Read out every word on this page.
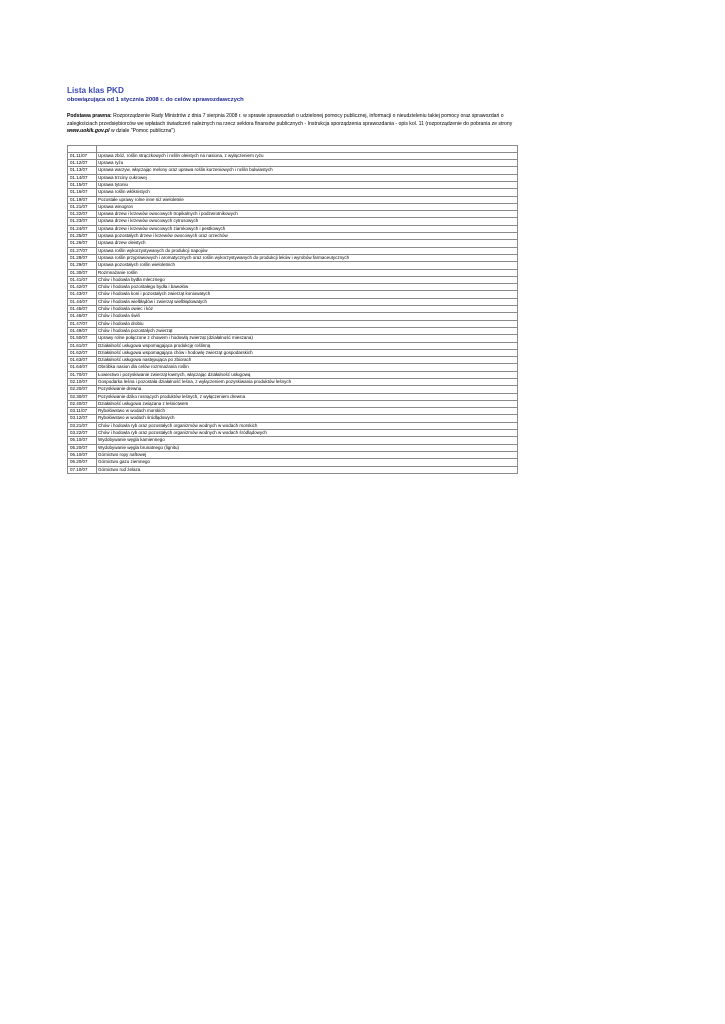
Lista klas PKD
obowiązująca od 1 stycznia 2008 r. do celów sprawozdawczych

Podstawa prawna: Rozporządzenie Rady Ministrów z dnia 7 sierpnia 2008 r. w sprawie sprawozdań o udzielonej pomocy publicznej, informacji o nieudzieleniu takiej pomocy oraz sprawozdań o zaległościach przedsiębiorców we wpłatach świadczeń należnych na rzecz sektora finansów publicznych - Instrukcja sporządzenia sprawozdania - opis kol. 11 (rozporządzenie do pobrania ze strony www.uokik.gov.pl w dziale "Pomoc publiczna")

01.11/07	Uprawa zbóż, roślin strączkowych i roślin oleistych na nasiona, z wyłączeniem ryżu
01.12/07	Uprawa ryżu
01.13/07	Uprawa warzyw, włączając melony oraz uprawa roślin korzeniowych i roślin bulwiastych
01.14/07	Uprawa trzciny cukrowej
01.15/07	Uprawa tytoniu
01.16/07	Uprawa roślin włóknistych
01.19/07	Pozostałe uprawy rolne inne niż wieloletnie
01.21/07	Uprawa winogron
01.22/07	Uprawa drzew i krzewów owocowych tropikalnych i podzwrotnikowych
01.23/07	Uprawa drzew i krzewów owocowych cytrusowych
01.24/07	Uprawa drzew i krzewów owocowych ziarnkowych i pestkowych
01.25/07	Uprawa pozostałych drzew i krzewów owocowych oraz orzechów
01.26/07	Uprawa drzew oleistych
01.27/07	Uprawa roślin wykorzystywanych do produkcji napojów
01.28/07	Uprawa roślin przyprawowych i aromatycznych oraz roślin wykorzystywanych do produkcji leków i wyrobów farmaceutycznych
01.29/07	Uprawa pozostałych roślin wieloletnich
01.30/07	Rozmnażanie roślin
01.41/07	Chów i hodowla bydła mlecznego
01.42/07	Chów i hodowla pozostałego bydła i bawołów
01.43/07	Chów i hodowla koni i pozostałych zwierząt koniowatych
01.44/07	Chów i hodowla wielbłądów i zwierząt wielbłądowatych
01.45/07	Chów i hodowla owiec i kóz
01.46/07	Chów i hodowla świń
01.47/07	Chów i hodowla drobiu
01.49/07	Chów i hodowla pozostałych zwierząt
01.50/07	Uprawy rolne połączone z chowem i hodowlą zwierząt (działalność mieszana)
01.61/07	Działalność usługowa wspomagająca produkcję roślinną
01.62/07	Działalność usługowa wspomagająca chów i hodowlę zwierząt gospodarskich
01.63/07	Działalność usługowa następująca po zbiorach
01.64/07	Obróbka nasion dla celów rozmnażania roślin
01.70/07	Łowiectwo i pozyskiwanie zwierząt łownych, włączając działalność usługową
02.10/07	Gospodarka leśna i pozostała działalność leśna, z wyłączeniem pozyskiwania produktów leśnych
02.20/07	Pozyskiwanie drewna
02.30/07	Pozyskiwanie dziko rosnących produktów leśnych, z wyłączeniem drewna
02.40/07	Działalność usługowa związana z leśnictwem
03.11/07	Rybołówstwo w wodach morskich
03.12/07	Rybołówstwo w wodach śródlądowych
03.21/07	Chów i hodowla ryb oraz pozostałych organizmów wodnych w wodach morskich
03.22/07	Chów i hodowla ryb oraz pozostałych organizmów wodnych w wodach śródlądowych
05.10/07	Wydobywanie węgla kamiennego
05.20/07	Wydobywanie węgla brunatnego (lignitu)
06.10/07	Górnictwo ropy naftowej
06.20/07	Górnictwo gazu ziemnego
07.10/07	Górnictwo rud żelaza
